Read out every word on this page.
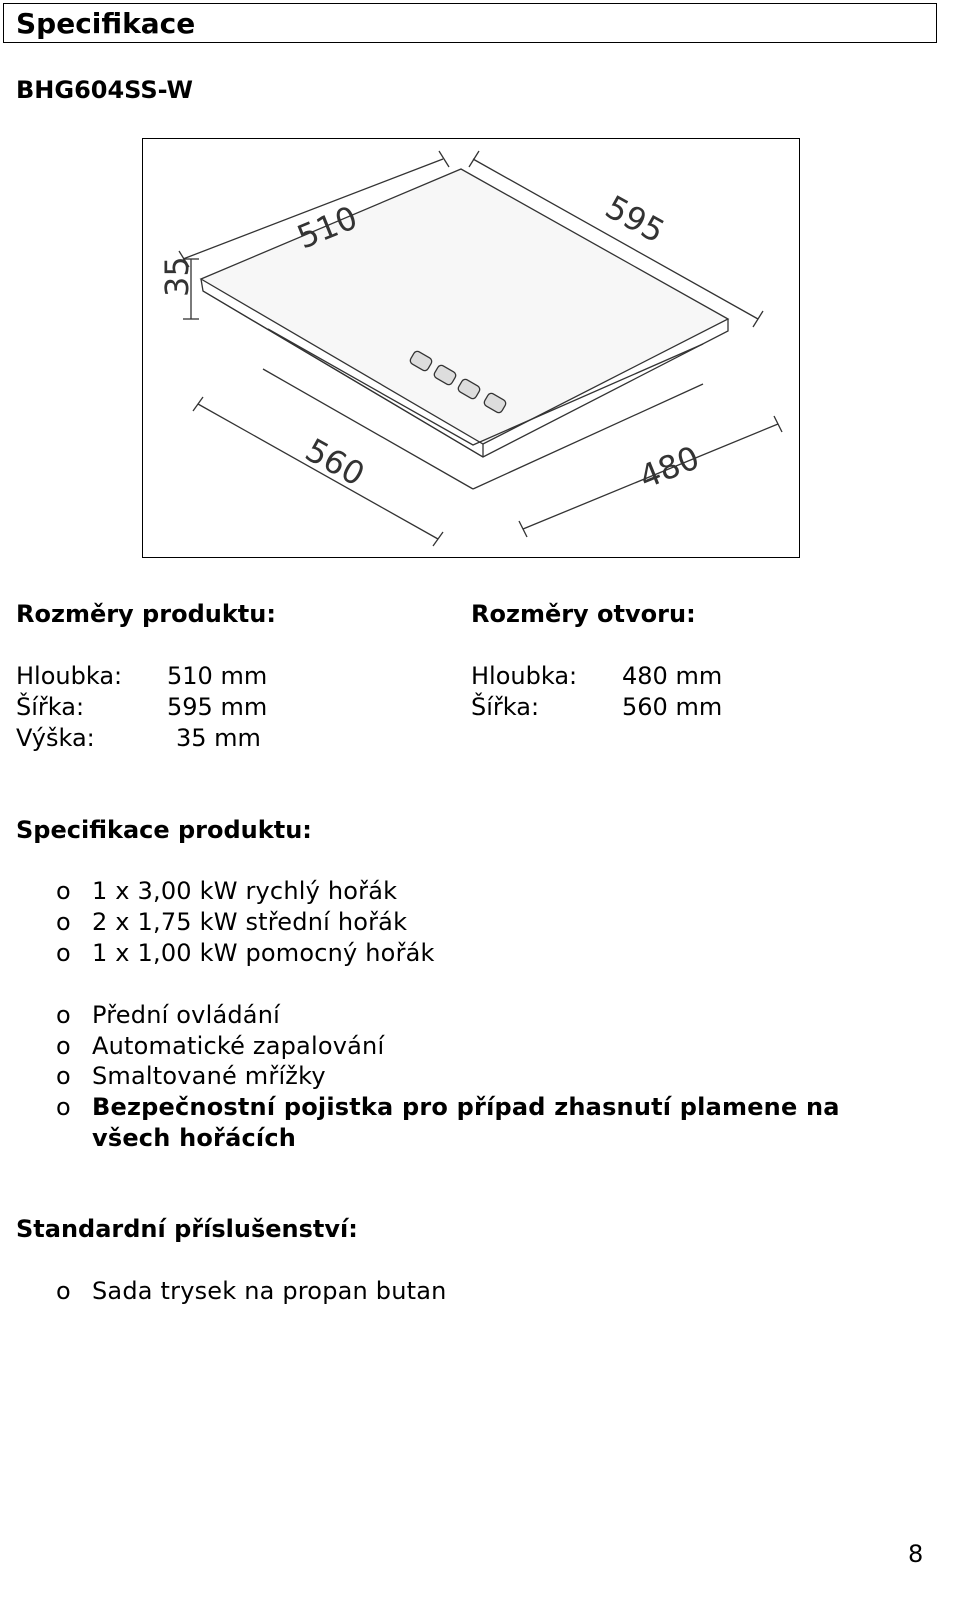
Specifikace
BHG604SS-W
510	595
35
560	480
Rozměry produktu:
Hloubka: 510 mm
Šířka:	595 mm
Výška:	35 mm
Rozměry otvoru:
Hloubka: 480 mm
Šířka:	560 mm
Specifikace produktu:
o 1 x 3,00 kW rychlý hořák
o 2 x 1,75 kW střední hořák
o 1 x 1,00 kW pomocný hořák
o Přední ovládání
o Automatické zapalování
o Smaltované mřížky
o Bezpečnostní pojistka pro případ zhasnutí plamene na
všech hořácích
Standardní příslušenství:
o Sada trysek na propan butan
8
